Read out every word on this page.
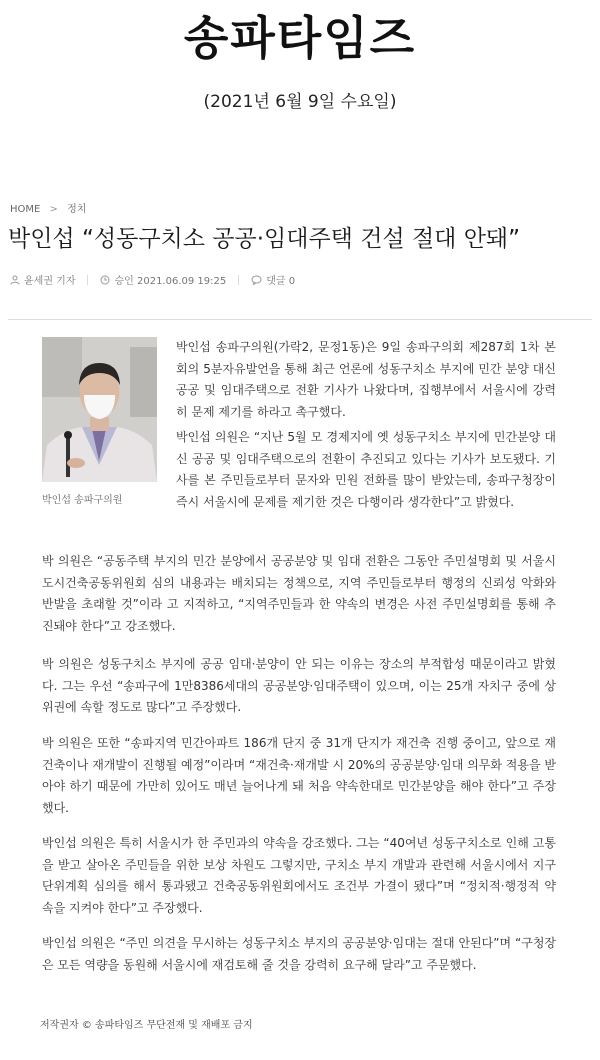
송파타임즈
(2021년 6월 9일 수요일)
HOME > 정치
박인섭 “성동구치소 공공·임대주택 건설 절대 안돼”
윤세권 기자	승인 2021.06.09 19:25	댓글 0
박인섭 송파구의원

박인섭 송파구의원(가락2, 문정1동)은 9일 송파구의회 제287회 1차 본회의 5분자유발언을 통해 최근 언론에 성동구치소 부지에 민간 분양 대신 공공 및 임대주택으로 전환 기사가 나왔다며, 집행부에서 서울시에 강력히 문제 제기를 하라고 촉구했다.

박인섭 의원은 “지난 5월 모 경제지에 옛 성동구치소 부지에 민간분양 대신 공공 및 임대주택으로의 전환이 추진되고 있다는 기사가 보도됐다. 기사를 본 주민들로부터 문자와 민원 전화를 많이 받았는데, 송파구청장이 즉시 서울시에 문제를 제기한 것은 다행이라 생각한다”고 밝혔다.

박 의원은 “공동주택 부지의 민간 분양에서 공공분양 및 임대 전환은 그동안 주민설명회 및 서울시 도시건축공동위원회 심의 내용과는 배치되는 정책으로, 지역 주민들로부터 행정의 신뢰성 악화와 반발을 초래할 것”이라 고 지적하고, “지역주민들과 한 약속의 변경은 사전 주민설명회를 통해 추진돼야 한다”고 강조했다.

박 의원은 성동구치소 부지에 공공 임대·분양이 안 되는 이유는 장소의 부적합성 때문이라고 밝혔다. 그는 우선 “송파구에 1만8386세대의 공공분양·임대주택이 있으며, 이는 25개 자치구 중에 상위권에 속할 정도로 많다”고 주장했다.

박 의원은 또한 “송파지역 민간아파트 186개 단지 중 31개 단지가 재건축 진행 중이고, 앞으로 재건축이나 재개발이 진행될 예정”이라며 “재건축·재개발 시 20%의 공공분양·임대 의무화 적용을 받아야 하기 때문에 가만히 있어도 매년 늘어나게 돼 처음 약속한대로 민간분양을 해야 한다”고 주장했다.

박인섭 의원은 특히 서울시가 한 주민과의 약속을 강조했다. 그는 “40여년 성동구치소로 인해 고통을 받고 살아온 주민들을 위한 보상 차원도 그렇지만, 구치소 부지 개발과 관련해 서울시에서 지구단위계획 심의를 해서 통과됐고 건축공동위원회에서도 조건부 가결이 됐다”며 “정치적·행정적 약속을 지켜야 한다”고 주장했다.

박인섭 의원은 “주민 의견을 무시하는 성동구치소 부지의 공공분양·임대는 절대 안된다”며 “구청장은 모든 역량을 동원해 서울시에 재검토해 줄 것을 강력히 요구해 달라”고 주문했다.

저작권자 © 송파타임즈 무단전재 및 재배포 금지
